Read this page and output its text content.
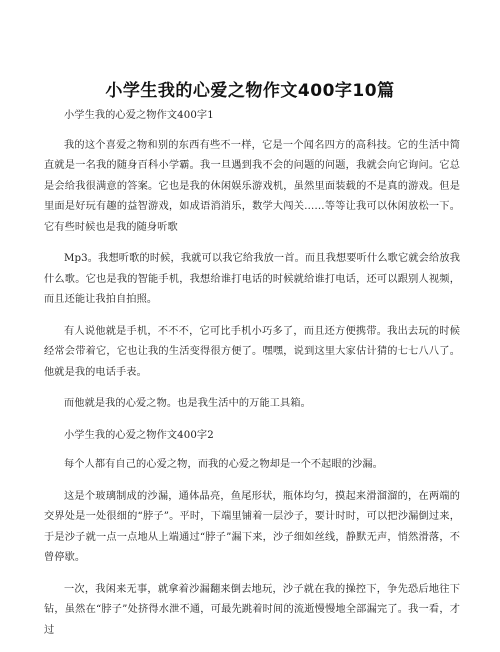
小学生我的心爱之物作文400字10篇

小学生我的心爱之物作文400字1

我的这个喜爱之物和别的东西有些不一样，它是一个闻名四方的高科技。它的生活中简直就是一名我的随身百科小学霸。我一旦遇到我不会的问题的问题，我就会向它询问。它总是会给我很满意的答案。它也是我的休闲娱乐游戏机，虽然里面装载的不是真的游戏。但是里面是好玩有趣的益智游戏，如成语消消乐，数学大闯关……等等让我可以休闲放松一下。它有些时候也是我的随身听歌

Mp3。我想听歌的时候，我就可以我它给我放一首。而且我想要听什么歌它就会给放我什么歌。它也是我的智能手机，我想给谁打电话的时候就给谁打电话，还可以跟别人视频，而且还能让我拍自拍照。

有人说他就是手机，不不不，它可比手机小巧多了，而且还方便携带。我出去玩的时候经常会带着它，它也让我的生活变得很方便了。嘿嘿，说到这里大家估计猜的七七八八了。他就是我的电话手表。

而他就是我的心爱之物。也是我生活中的万能工具箱。

小学生我的心爱之物作文400字2

每个人都有自己的心爱之物，而我的心爱之物却是一个不起眼的沙漏。

这是个玻璃制成的沙漏，通体晶亮，鱼尾形状，瓶体均匀，摸起来滑溜溜的，在两端的交界处是一处很细的“脖子”。平时，下端里铺着一层沙子，要计时时，可以把沙漏倒过来，于是沙子就一点一点地从上端通过“脖子”漏下来，沙子细如丝线，静默无声，悄然滑落，不曾停歇。

一次，我闲来无事，就拿着沙漏翻来倒去地玩，沙子就在我的操控下，争先恐后地往下钻，虽然在“脖子”处挤得水泄不通，可最先跳着时间的流逝慢慢地全部漏完了。我一看，才过
